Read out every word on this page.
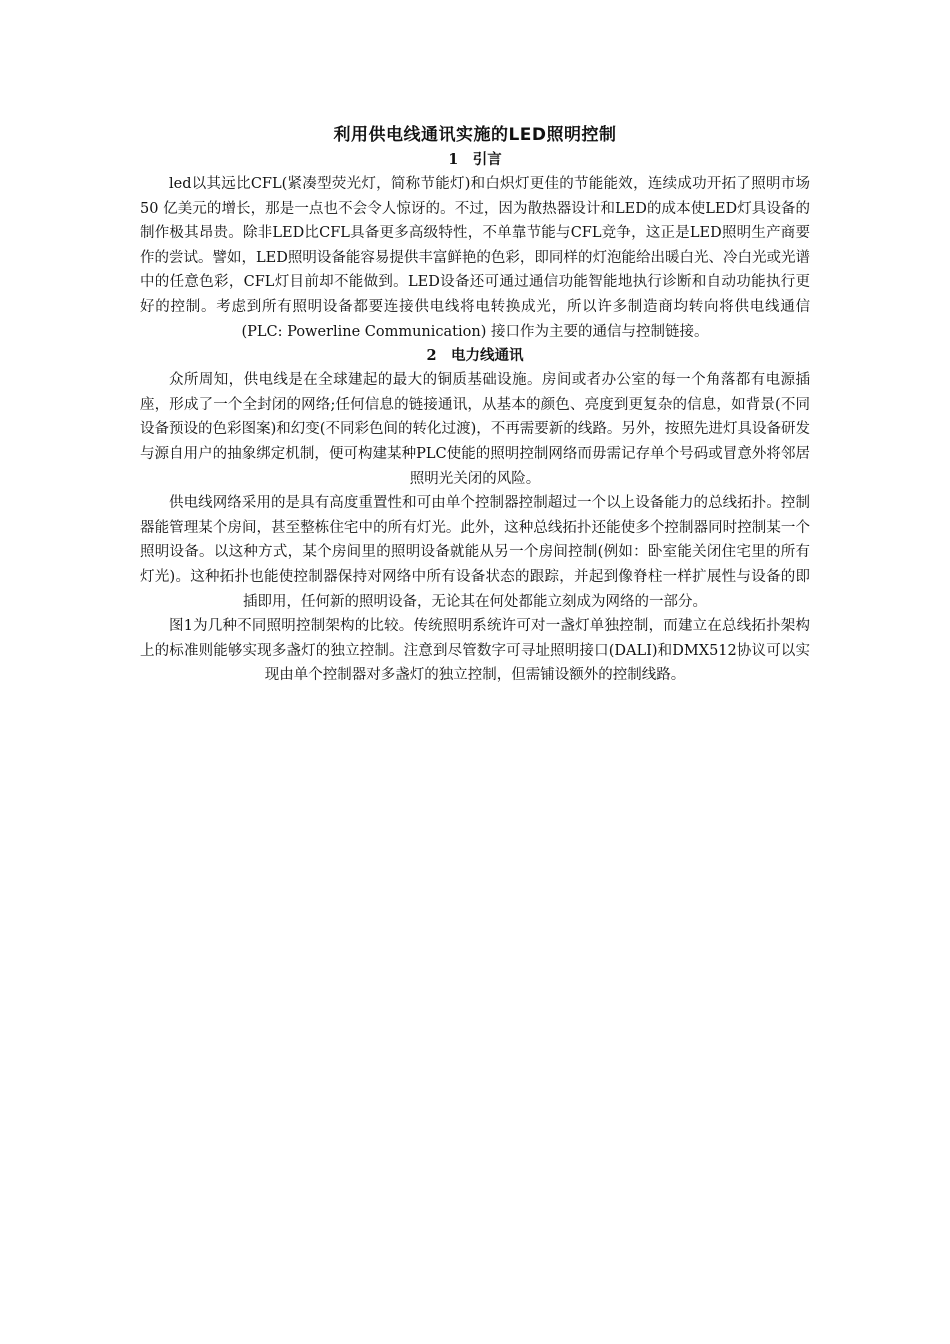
利用供电线通讯实施的LED照明控制
1　引言

led以其远比CFL(紧凑型荧光灯，简称节能灯)和白炽灯更佳的节能能效，连续成功开拓了照明市场 50 亿美元的增长，那是一点也不会令人惊讶的。不过，因为散热器设计和LED的成本使LED灯具设备的制作极其昂贵。除非LED比CFL具备更多高级特性，不单靠节能与CFL竞争，这正是LED照明生产商要作的尝试。譬如，LED照明设备能容易提供丰富鲜艳的色彩，即同样的灯泡能给出暖白光、冷白光或光谱中的任意色彩，CFL灯目前却不能做到。LED设备还可通过通信功能智能地执行诊断和自动功能执行更好的控制。考虑到所有照明设备都要连接供电线将电转换成光，所以许多制造商均转向将供电线通信 (PLC: Powerline Communication) 接口作为主要的通信与控制链接。

2　电力线通讯

众所周知，供电线是在全球建起的最大的铜质基础设施。房间或者办公室的每一个角落都有电源插座，形成了一个全封闭的网络;任何信息的链接通讯，从基本的颜色、亮度到更复杂的信息，如背景(不同设备预设的色彩图案)和幻变(不同彩色间的转化过渡)，不再需要新的线路。另外，按照先进灯具设备研发与源自用户的抽象绑定机制，便可构建某种PLC使能的照明控制网络而毋需记存单个号码或冒意外将邻居照明光关闭的风险。

供电线网络采用的是具有高度重置性和可由单个控制器控制超过一个以上设备能力的总线拓扑。控制器能管理某个房间，甚至整栋住宅中的所有灯光。此外，这种总线拓扑还能使多个控制器同时控制某一个照明设备。以这种方式，某个房间里的照明设备就能从另一个房间控制(例如：卧室能关闭住宅里的所有灯光)。这种拓扑也能使控制器保持对网络中所有设备状态的跟踪，并起到像脊柱一样扩展性与设备的即插即用，任何新的照明设备，无论其在何处都能立刻成为网络的一部分。

图1为几种不同照明控制架构的比较。传统照明系统许可对一盏灯单独控制，而建立在总线拓扑架构上的标准则能够实现多盏灯的独立控制。注意到尽管数字可寻址照明接口(DALI)和DMX512协议可以实现由单个控制器对多盏灯的独立控制，但需铺设额外的控制线路。
